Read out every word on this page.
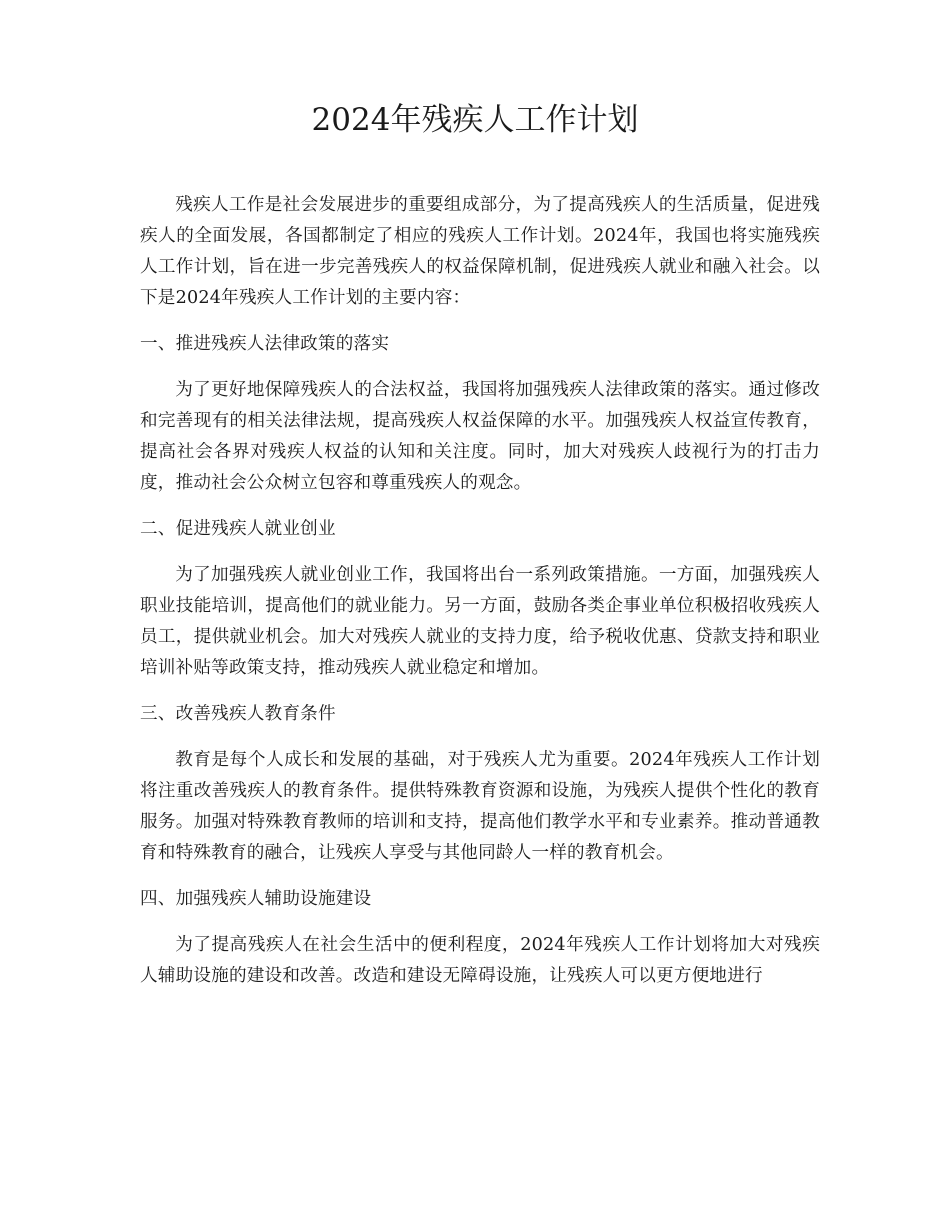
2024年残疾人工作计划

残疾人工作是社会发展进步的重要组成部分，为了提高残疾人的生活质量，促进残疾人的全面发展，各国都制定了相应的残疾人工作计划。2024年，我国也将实施残疾人工作计划，旨在进一步完善残疾人的权益保障机制，促进残疾人就业和融入社会。以下是2024年残疾人工作计划的主要内容：

一、推进残疾人法律政策的落实

为了更好地保障残疾人的合法权益，我国将加强残疾人法律政策的落实。通过修改和完善现有的相关法律法规，提高残疾人权益保障的水平。加强残疾人权益宣传教育，提高社会各界对残疾人权益的认知和关注度。同时，加大对残疾人歧视行为的打击力度，推动社会公众树立包容和尊重残疾人的观念。

二、促进残疾人就业创业

为了加强残疾人就业创业工作，我国将出台一系列政策措施。一方面，加强残疾人职业技能培训，提高他们的就业能力。另一方面，鼓励各类企事业单位积极招收残疾人员工，提供就业机会。加大对残疾人就业的支持力度，给予税收优惠、贷款支持和职业培训补贴等政策支持，推动残疾人就业稳定和增加。

三、改善残疾人教育条件

教育是每个人成长和发展的基础，对于残疾人尤为重要。2024年残疾人工作计划将注重改善残疾人的教育条件。提供特殊教育资源和设施，为残疾人提供个性化的教育服务。加强对特殊教育教师的培训和支持，提高他们教学水平和专业素养。推动普通教育和特殊教育的融合，让残疾人享受与其他同龄人一样的教育机会。

四、加强残疾人辅助设施建设

为了提高残疾人在社会生活中的便利程度，2024年残疾人工作计划将加大对残疾人辅助设施的建设和改善。改造和建设无障碍设施，让残疾人可以更方便地进行
